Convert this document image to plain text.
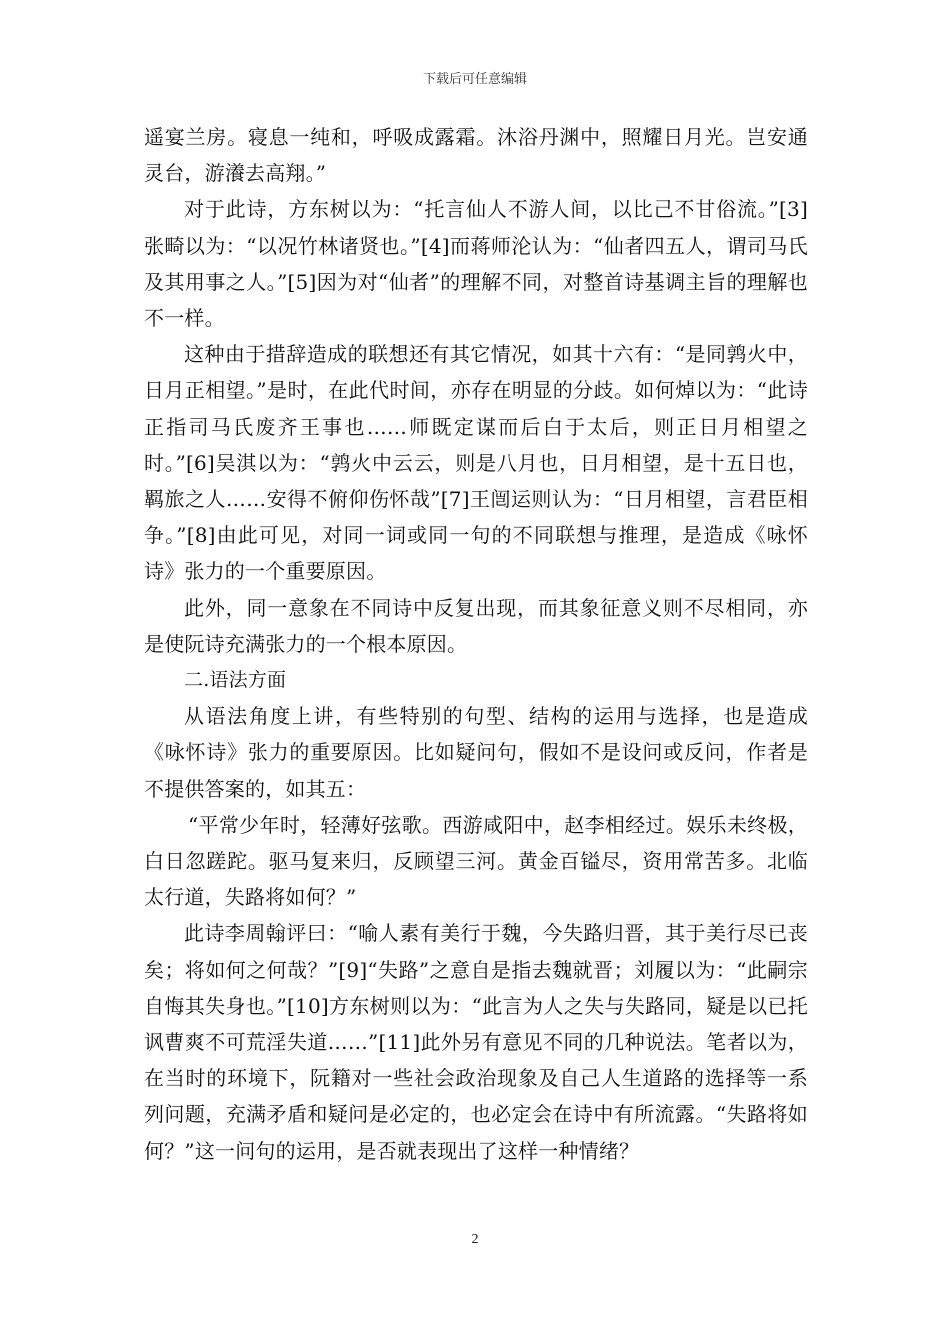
下载后可任意编辑

遥宴兰房。寝息一纯和，呼吸成露霜。沐浴丹渊中，照耀日月光。岂安通灵台，游瀁去高翔。”

对于此诗，方东树以为：“托言仙人不游人间，以比己不甘俗流。”[3]张畸以为：“以况竹林诸贤也。”[4]而蒋师沦认为：“仙者四五人，谓司马氏及其用事之人。”[5]因为对“仙者”的理解不同，对整首诗基调主旨的理解也不一样。

这种由于措辞造成的联想还有其它情况，如其十六有：“是同鹑火中，日月正相望。”是时，在此代时间，亦存在明显的分歧。如何焯以为：“此诗正指司马氏废齐王事也……师既定谋而后白于太后，则正日月相望之时。”[6]吴淇以为：“鹑火中云云，则是八月也，日月相望，是十五日也，羁旅之人……安得不俯仰伤怀哉”[7]王闿运则认为：“日月相望，言君臣相争。”[8]由此可见，对同一词或同一句的不同联想与推理，是造成《咏怀诗》张力的一个重要原因。

此外，同一意象在不同诗中反复出现，而其象征意义则不尽相同，亦是使阮诗充满张力的一个根本原因。

二.语法方面

从语法角度上讲，有些特别的句型、结构的运用与选择，也是造成《咏怀诗》张力的重要原因。比如疑问句，假如不是设问或反问，作者是不提供答案的，如其五：

“平常少年时，轻薄好弦歌。西游咸阳中，赵李相经过。娱乐未终极，白日忽蹉跎。驱马复来归，反顾望三河。黄金百镒尽，资用常苦多。北临太行道，失路将如何？”

此诗李周翰评曰：“喻人素有美行于魏，今失路归晋，其于美行尽已丧矣；将如何之何哉？”[9]“失路”之意自是指去魏就晋；刘履以为：“此嗣宗自悔其失身也。”[10]方东树则以为：“此言为人之失与失路同，疑是以已托讽曹爽不可荒淫失道……”[11]此外另有意见不同的几种说法。笔者以为，在当时的环境下，阮籍对一些社会政治现象及自己人生道路的选择等一系列问题，充满矛盾和疑问是必定的，也必定会在诗中有所流露。“失路将如何？”这一问句的运用，是否就表现出了这样一种情绪？

2
